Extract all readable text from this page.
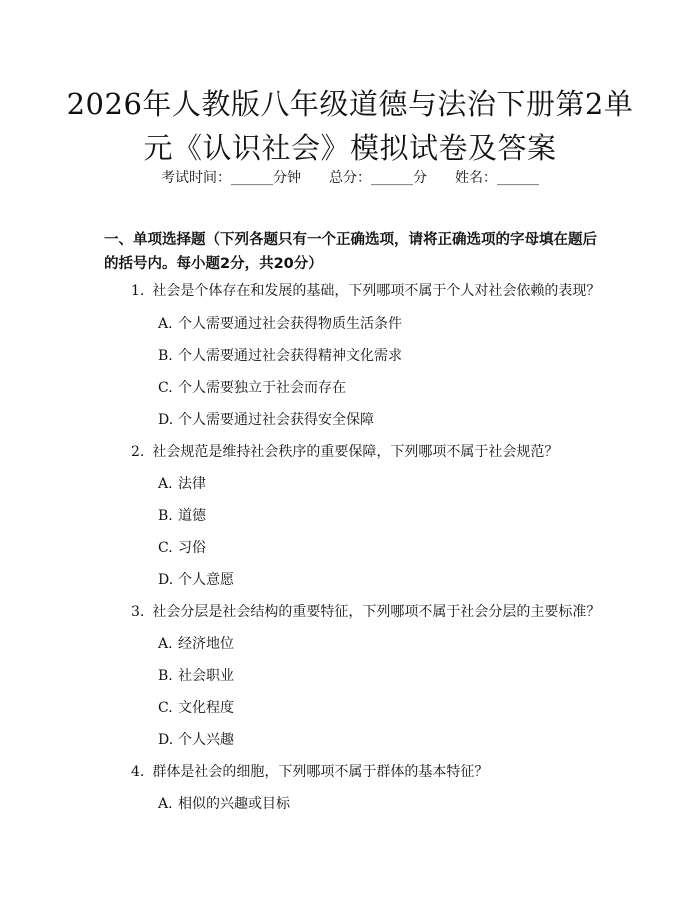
2026年人教版八年级道德与法治下册第2单元《认识社会》模拟试卷及答案
考试时间：______分钟　　总分：______分　　姓名：______
一、单项选择题（下列各题只有一个正确选项，请将正确选项的字母填在题后的括号内。每小题2分，共20分）
1. 社会是个体存在和发展的基础，下列哪项不属于个人对社会依赖的表现？
A. 个人需要通过社会获得物质生活条件
B. 个人需要通过社会获得精神文化需求
C. 个人需要独立于社会而存在
D. 个人需要通过社会获得安全保障
2. 社会规范是维持社会秩序的重要保障，下列哪项不属于社会规范？
A. 法律
B. 道德
C. 习俗
D. 个人意愿
3. 社会分层是社会结构的重要特征，下列哪项不属于社会分层的主要标准？
A. 经济地位
B. 社会职业
C. 文化程度
D. 个人兴趣
4. 群体是社会的细胞，下列哪项不属于群体的基本特征？
A. 相似的兴趣或目标
